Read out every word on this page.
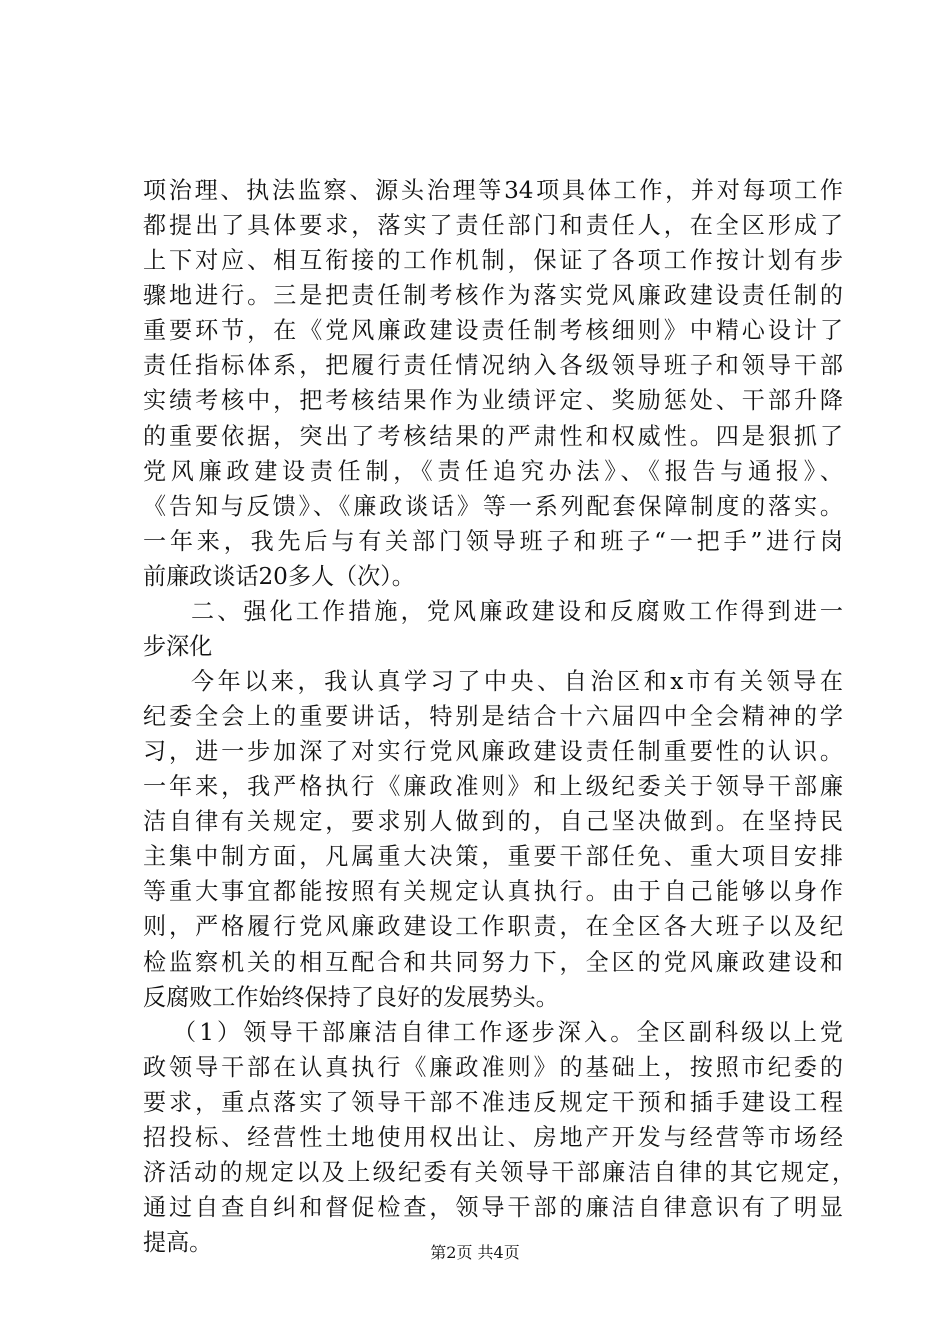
项治理、执法监察、源头治理等34项具体工作，并对每项工作
都提出了具体要求，落实了责任部门和责任人，在全区形成了
上下对应、相互衔接的工作机制，保证了各项工作按计划有步
骤地进行。三是把责任制考核作为落实党风廉政建设责任制的
重要环节，在《党风廉政建设责任制考核细则》中精心设计了
责任指标体系，把履行责任情况纳入各级领导班子和领导干部
实绩考核中，把考核结果作为业绩评定、奖励惩处、干部升降
的重要依据，突出了考核结果的严肃性和权威性。四是狠抓了
党风廉政建设责任制，《责任追究办法》、《报告与通报》、
《告知与反馈》、《廉政谈话》等一系列配套保障制度的落实。
一年来，我先后与有关部门领导班子和班子“一把手”进行岗
前廉政谈话20多人（次）。
二、强化工作措施，党风廉政建设和反腐败工作得到进一
步深化
今年以来，我认真学习了中央、自治区和x市有关领导在
纪委全会上的重要讲话，特别是结合十六届四中全会精神的学
习，进一步加深了对实行党风廉政建设责任制重要性的认识。
一年来，我严格执行《廉政准则》和上级纪委关于领导干部廉
洁自律有关规定，要求别人做到的，自己坚决做到。在坚持民
主集中制方面，凡属重大决策，重要干部任免、重大项目安排
等重大事宜都能按照有关规定认真执行。由于自己能够以身作
则，严格履行党风廉政建设工作职责，在全区各大班子以及纪
检监察机关的相互配合和共同努力下，全区的党风廉政建设和
反腐败工作始终保持了良好的发展势头。
（1）领导干部廉洁自律工作逐步深入。全区副科级以上党
政领导干部在认真执行《廉政准则》的基础上，按照市纪委的
要求，重点落实了领导干部不准违反规定干预和插手建设工程
招投标、经营性土地使用权出让、房地产开发与经营等市场经
济活动的规定以及上级纪委有关领导干部廉洁自律的其它规定，
通过自查自纠和督促检查，领导干部的廉洁自律意识有了明显
提高。	第2页 共4页
